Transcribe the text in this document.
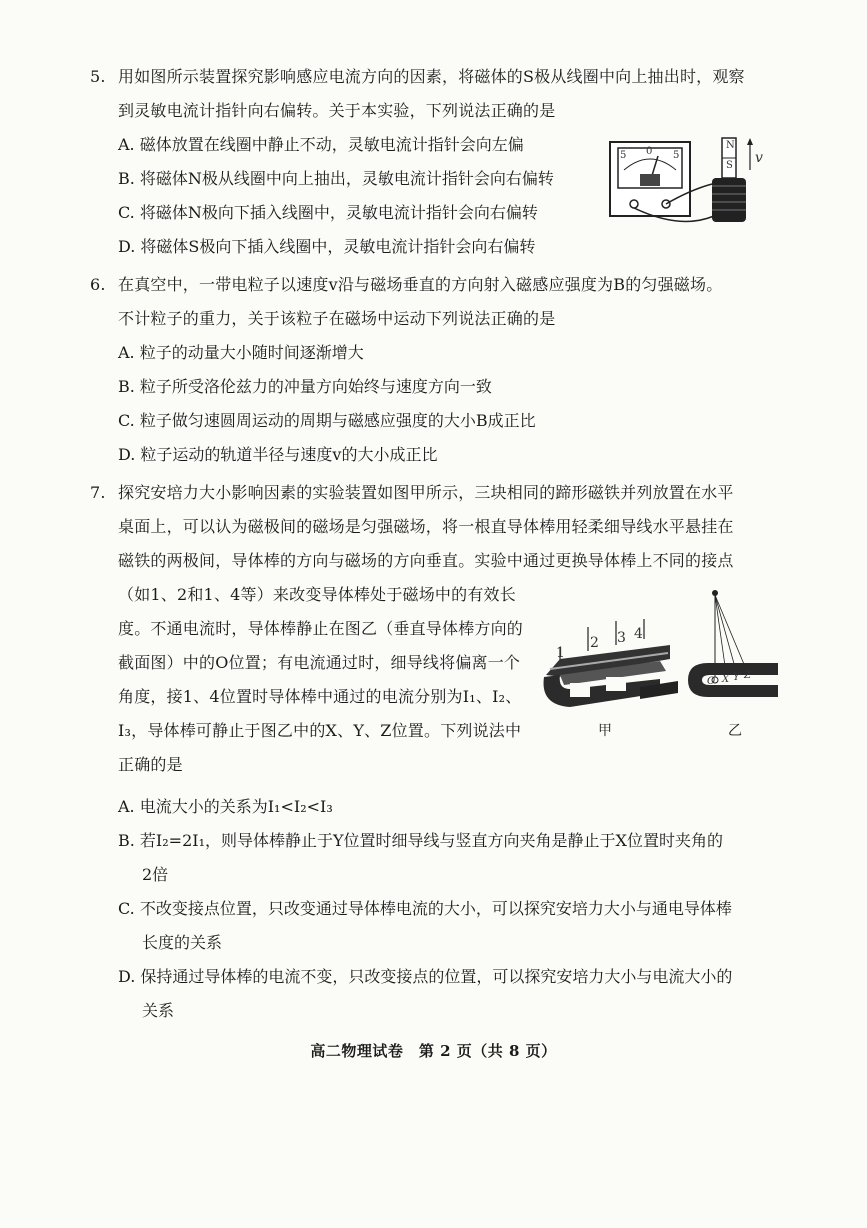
5. 用如图所示装置探究影响感应电流方向的因素，将磁体的S极从线圈中向上抽出时，观察
到灵敏电流计指针向右偏转。关于本实验，下列说法正确的是
A. 磁体放置在线圈中静止不动，灵敏电流计指针会向左偏
B. 将磁体N极从线圈中向上抽出，灵敏电流计指针会向右偏转
C. 将磁体N极向下插入线圈中，灵敏电流计指针会向右偏转
D. 将磁体S极向下插入线圈中，灵敏电流计指针会向右偏转
5 0 5
N
S v
6. 在真空中，一带电粒子以速度v沿与磁场垂直的方向射入磁感应强度为B的匀强磁场。
不计粒子的重力，关于该粒子在磁场中运动下列说法正确的是
A. 粒子的动量大小随时间逐渐增大
B. 粒子所受洛伦兹力的冲量方向始终与速度方向一致
C. 粒子做匀速圆周运动的周期与磁感应强度的大小B成正比
D. 粒子运动的轨道半径与速度v的大小成正比
7. 探究安培力大小影响因素的实验装置如图甲所示，三块相同的蹄形磁铁并列放置在水平
桌面上，可以认为磁极间的磁场是匀强磁场，将一根直导体棒用轻柔细导线水平悬挂在
磁铁的两极间，导体棒的方向与磁场的方向垂直。实验中通过更换导体棒上不同的接点
（如1、2和1、4等）来改变导体棒处于磁场中的有效长
度。不通电流时，导体棒静止在图乙（垂直导体棒方向的
截面图）中的O位置；有电流通过时，细导线将偏离一个
角度，接1、4位置时导体棒中通过的电流分别为I₁、I₂、
I₃，导体棒可静止于图乙中的X、Y、Z位置。下列说法中
正确的是
1
2 3 4
甲
O X Y Z
乙
A. 电流大小的关系为I₁<I₂<I₃
B. 若I₂=2I₁，则导体棒静止于Y位置时细导线与竖直方向夹角是静止于X位置时夹角的
2倍
C. 不改变接点位置，只改变通过导体棒电流的大小，可以探究安培力大小与通电导体棒
长度的关系
D. 保持通过导体棒的电流不变，只改变接点的位置，可以探究安培力大小与电流大小的
关系
高二物理试卷　第 2 页（共 8 页）
